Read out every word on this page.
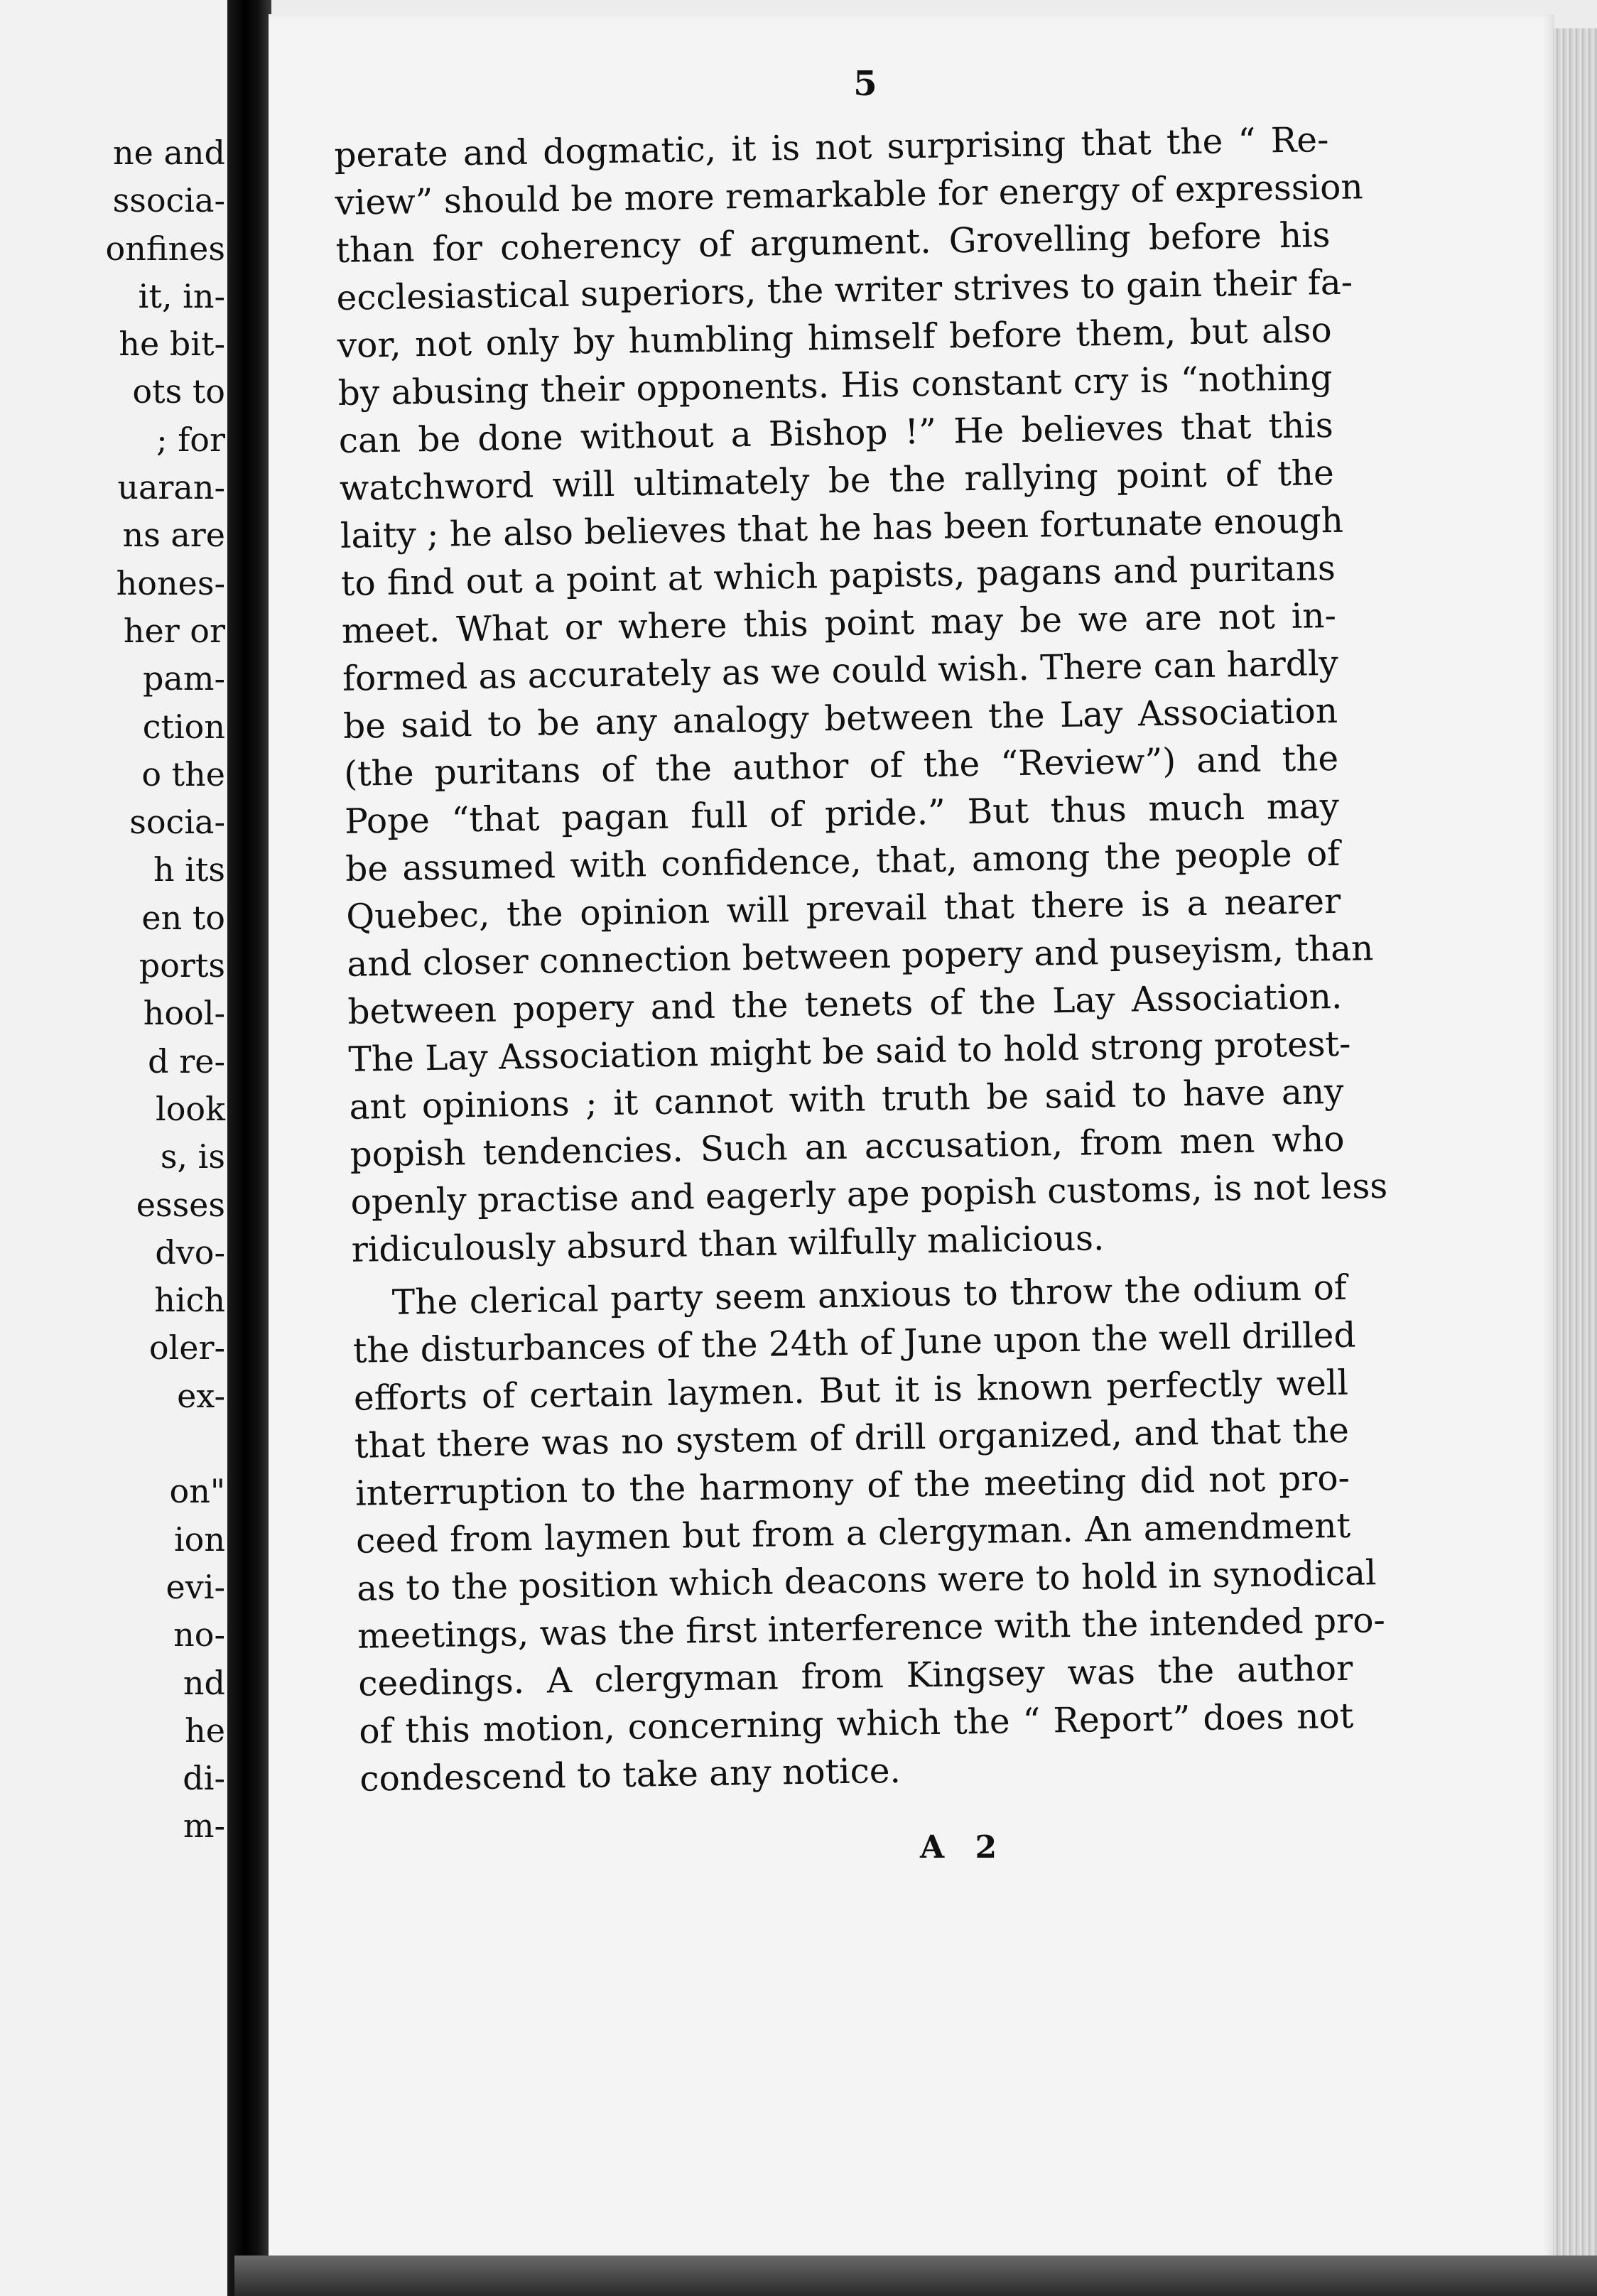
ne and
ssocia-
onfines
it, in-
he bit-
ots to
; for
uaran-
ns are
hones-
her or
pam-
ction
o the
socia-
h its
en to
ports
hool-
d re-
look
s, is
esses
dvo-
hich
oler-
ex-

on"
ion
evi-
no-
nd
he
di-
m-
5
perate and dogmatic, it is not surprising that the “ Re-
view” should be more remarkable for energy of expression
than for coherency of argument. Grovelling before his
ecclesiastical superiors, the writer strives to gain their fa-
vor, not only by humbling himself before them, but also
by abusing their opponents. His constant cry is “nothing
can be done without a Bishop !” He believes that this
watchword will ultimately be the rallying point of the
laity ; he also believes that he has been fortunate enough
to find out a point at which papists, pagans and puritans
meet. What or where this point may be we are not in-
formed as accurately as we could wish. There can hardly
be said to be any analogy between the Lay Association
(the puritans of the author of the “Review”) and the
Pope “that pagan full of pride.” But thus much may
be assumed with confidence, that, among the people of
Quebec, the opinion will prevail that there is a nearer
and closer connection between popery and puseyism, than
between popery and the tenets of the Lay Association.
The Lay Association might be said to hold strong protest-
ant opinions ; it cannot with truth be said to have any
popish tendencies. Such an accusation, from men who
openly practise and eagerly ape popish customs, is not less
ridiculously absurd than wilfully malicious.
The clerical party seem anxious to throw the odium of
the disturbances of the 24th of June upon the well drilled
efforts of certain laymen. But it is known perfectly well
that there was no system of drill organized, and that the
interruption to the harmony of the meeting did not pro-
ceed from laymen but from a clergyman. An amendment
as to the position which deacons were to hold in synodical
meetings, was the first interference with the intended pro-
ceedings. A clergyman from Kingsey was the author
of this motion, concerning which the “ Report” does not
condescend to take any notice.
A 2
